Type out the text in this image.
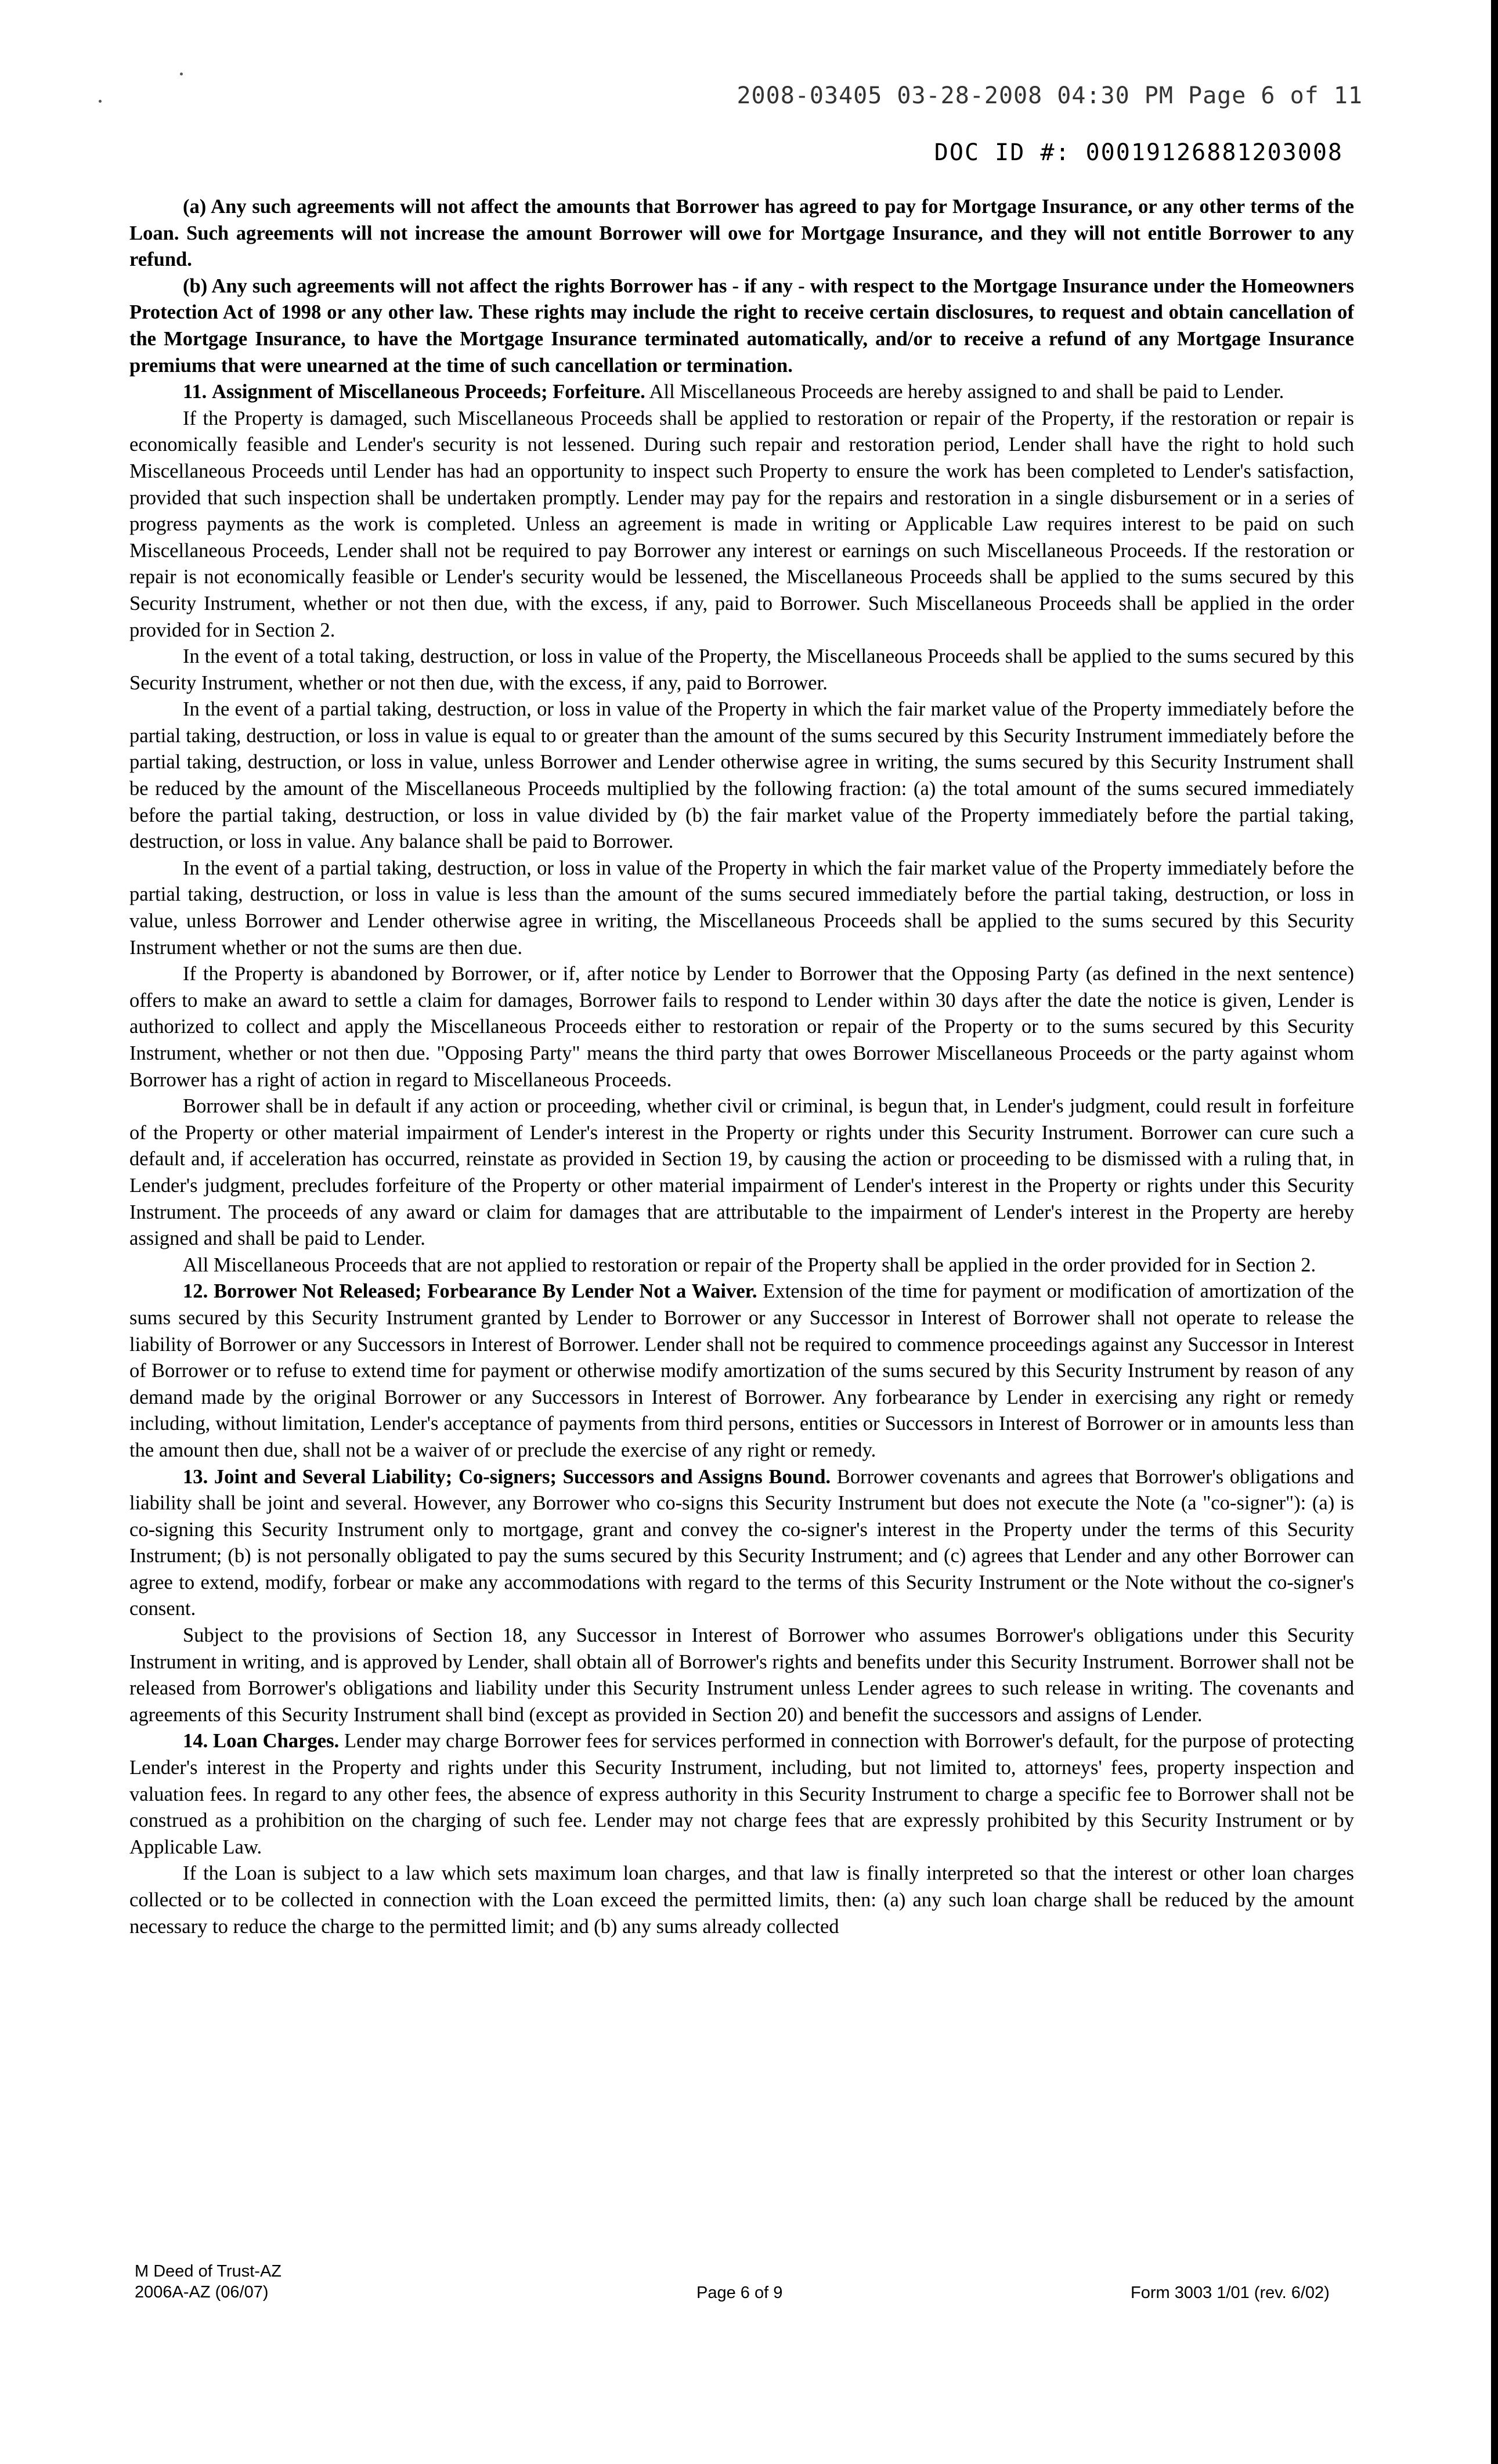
2008-03405 03-28-2008 04:30 PM Page 6 of 11
DOC ID #: 00019126881203008

(a) Any such agreements will not affect the amounts that Borrower has agreed to pay for Mortgage Insurance, or any other terms of the Loan. Such agreements will not increase the amount Borrower will owe for Mortgage Insurance, and they will not entitle Borrower to any refund.

(b) Any such agreements will not affect the rights Borrower has - if any - with respect to the Mortgage Insurance under the Homeowners Protection Act of 1998 or any other law. These rights may include the right to receive certain disclosures, to request and obtain cancellation of the Mortgage Insurance, to have the Mortgage Insurance terminated automatically, and/or to receive a refund of any Mortgage Insurance premiums that were unearned at the time of such cancellation or termination.

11. Assignment of Miscellaneous Proceeds; Forfeiture. All Miscellaneous Proceeds are hereby assigned to and shall be paid to Lender.

If the Property is damaged, such Miscellaneous Proceeds shall be applied to restoration or repair of the Property, if the restoration or repair is economically feasible and Lender's security is not lessened. During such repair and restoration period, Lender shall have the right to hold such Miscellaneous Proceeds until Lender has had an opportunity to inspect such Property to ensure the work has been completed to Lender's satisfaction, provided that such inspection shall be undertaken promptly. Lender may pay for the repairs and restoration in a single disbursement or in a series of progress payments as the work is completed. Unless an agreement is made in writing or Applicable Law requires interest to be paid on such Miscellaneous Proceeds, Lender shall not be required to pay Borrower any interest or earnings on such Miscellaneous Proceeds. If the restoration or repair is not economically feasible or Lender's security would be lessened, the Miscellaneous Proceeds shall be applied to the sums secured by this Security Instrument, whether or not then due, with the excess, if any, paid to Borrower. Such Miscellaneous Proceeds shall be applied in the order provided for in Section 2.

In the event of a total taking, destruction, or loss in value of the Property, the Miscellaneous Proceeds shall be applied to the sums secured by this Security Instrument, whether or not then due, with the excess, if any, paid to Borrower.

In the event of a partial taking, destruction, or loss in value of the Property in which the fair market value of the Property immediately before the partial taking, destruction, or loss in value is equal to or greater than the amount of the sums secured by this Security Instrument immediately before the partial taking, destruction, or loss in value, unless Borrower and Lender otherwise agree in writing, the sums secured by this Security Instrument shall be reduced by the amount of the Miscellaneous Proceeds multiplied by the following fraction: (a) the total amount of the sums secured immediately before the partial taking, destruction, or loss in value divided by (b) the fair market value of the Property immediately before the partial taking, destruction, or loss in value. Any balance shall be paid to Borrower.

In the event of a partial taking, destruction, or loss in value of the Property in which the fair market value of the Property immediately before the partial taking, destruction, or loss in value is less than the amount of the sums secured immediately before the partial taking, destruction, or loss in value, unless Borrower and Lender otherwise agree in writing, the Miscellaneous Proceeds shall be applied to the sums secured by this Security Instrument whether or not the sums are then due.

If the Property is abandoned by Borrower, or if, after notice by Lender to Borrower that the Opposing Party (as defined in the next sentence) offers to make an award to settle a claim for damages, Borrower fails to respond to Lender within 30 days after the date the notice is given, Lender is authorized to collect and apply the Miscellaneous Proceeds either to restoration or repair of the Property or to the sums secured by this Security Instrument, whether or not then due. "Opposing Party" means the third party that owes Borrower Miscellaneous Proceeds or the party against whom Borrower has a right of action in regard to Miscellaneous Proceeds.

Borrower shall be in default if any action or proceeding, whether civil or criminal, is begun that, in Lender's judgment, could result in forfeiture of the Property or other material impairment of Lender's interest in the Property or rights under this Security Instrument. Borrower can cure such a default and, if acceleration has occurred, reinstate as provided in Section 19, by causing the action or proceeding to be dismissed with a ruling that, in Lender's judgment, precludes forfeiture of the Property or other material impairment of Lender's interest in the Property or rights under this Security Instrument. The proceeds of any award or claim for damages that are attributable to the impairment of Lender's interest in the Property are hereby assigned and shall be paid to Lender.

All Miscellaneous Proceeds that are not applied to restoration or repair of the Property shall be applied in the order provided for in Section 2.

12. Borrower Not Released; Forbearance By Lender Not a Waiver. Extension of the time for payment or modification of amortization of the sums secured by this Security Instrument granted by Lender to Borrower or any Successor in Interest of Borrower shall not operate to release the liability of Borrower or any Successors in Interest of Borrower. Lender shall not be required to commence proceedings against any Successor in Interest of Borrower or to refuse to extend time for payment or otherwise modify amortization of the sums secured by this Security Instrument by reason of any demand made by the original Borrower or any Successors in Interest of Borrower. Any forbearance by Lender in exercising any right or remedy including, without limitation, Lender's acceptance of payments from third persons, entities or Successors in Interest of Borrower or in amounts less than the amount then due, shall not be a waiver of or preclude the exercise of any right or remedy.

13. Joint and Several Liability; Co-signers; Successors and Assigns Bound. Borrower covenants and agrees that Borrower's obligations and liability shall be joint and several. However, any Borrower who co-signs this Security Instrument but does not execute the Note (a "co-signer"): (a) is co-signing this Security Instrument only to mortgage, grant and convey the co-signer's interest in the Property under the terms of this Security Instrument; (b) is not personally obligated to pay the sums secured by this Security Instrument; and (c) agrees that Lender and any other Borrower can agree to extend, modify, forbear or make any accommodations with regard to the terms of this Security Instrument or the Note without the co-signer's consent.

Subject to the provisions of Section 18, any Successor in Interest of Borrower who assumes Borrower's obligations under this Security Instrument in writing, and is approved by Lender, shall obtain all of Borrower's rights and benefits under this Security Instrument. Borrower shall not be released from Borrower's obligations and liability under this Security Instrument unless Lender agrees to such release in writing. The covenants and agreements of this Security Instrument shall bind (except as provided in Section 20) and benefit the successors and assigns of Lender.

14. Loan Charges. Lender may charge Borrower fees for services performed in connection with Borrower's default, for the purpose of protecting Lender's interest in the Property and rights under this Security Instrument, including, but not limited to, attorneys' fees, property inspection and valuation fees. In regard to any other fees, the absence of express authority in this Security Instrument to charge a specific fee to Borrower shall not be construed as a prohibition on the charging of such fee. Lender may not charge fees that are expressly prohibited by this Security Instrument or by Applicable Law.

If the Loan is subject to a law which sets maximum loan charges, and that law is finally interpreted so that the interest or other loan charges collected or to be collected in connection with the Loan exceed the permitted limits, then: (a) any such loan charge shall be reduced by the amount necessary to reduce the charge to the permitted limit; and (b) any sums already collected

M Deed of Trust-AZ
2006A-AZ (06/07)	Page 6 of 9	Form 3003 1/01 (rev. 6/02)
